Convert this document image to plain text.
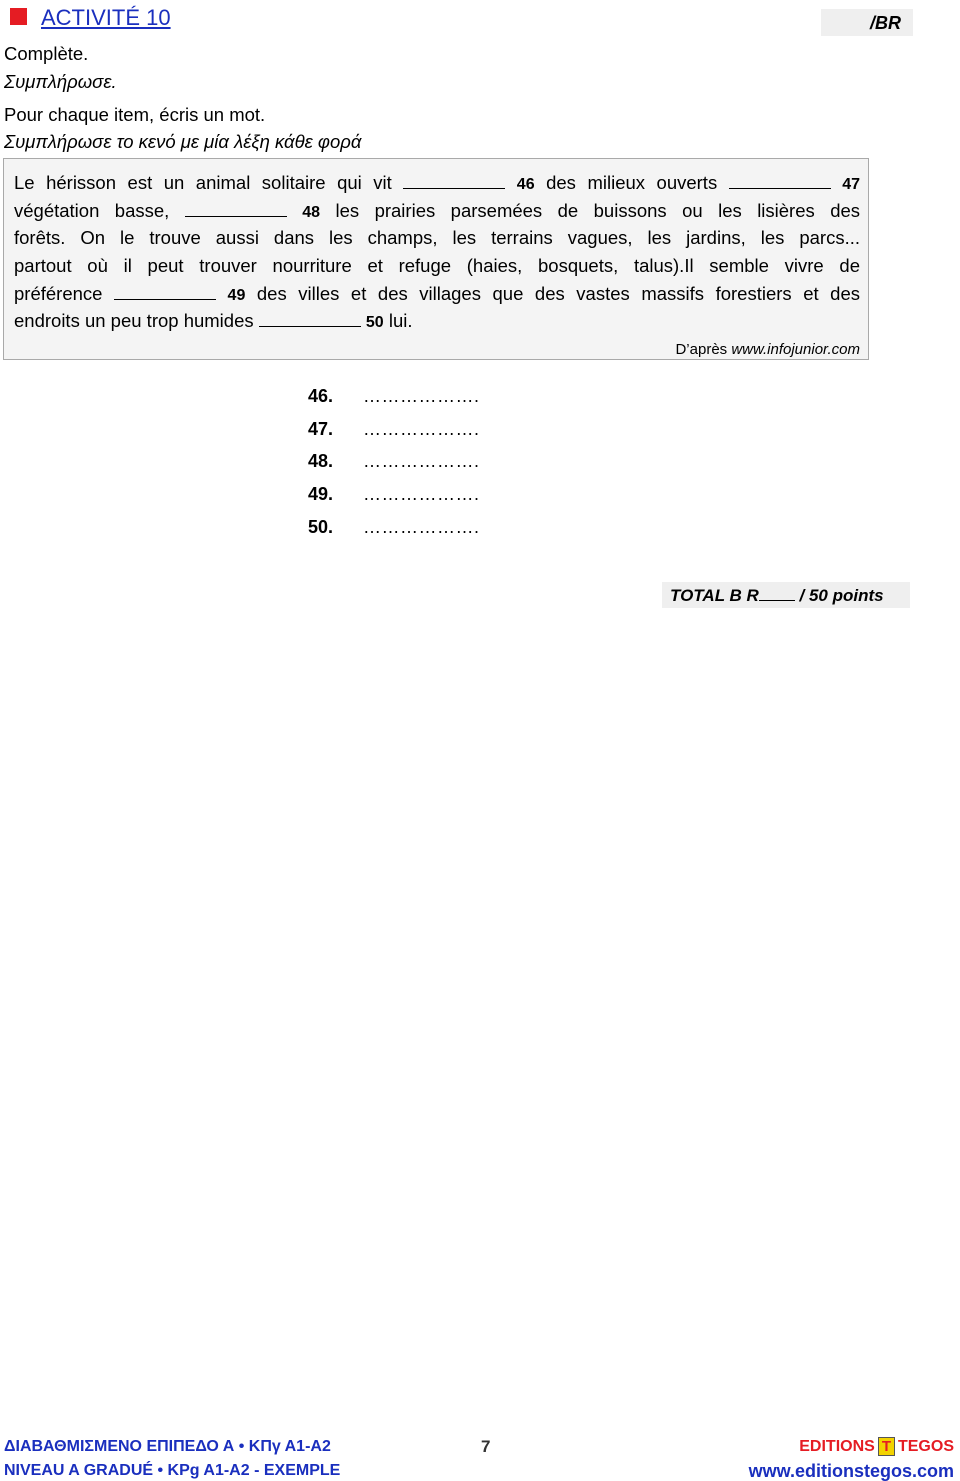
ACTIVITÉ 10	/BR
Complète.
Συμπλήρωσε.
Pour chaque item, écris un mot.
Συμπλήρωσε το κενό με μία λέξη κάθε φορά
Le hérisson est un animal solitaire qui vit	46 des milieux ouverts	47
végétation basse,	48 les prairies parsemées de buissons ou les lisières des
forêts. On le trouve aussi dans les champs, les terrains vagues, les jardins, les parcs...
partout où il peut trouver nourriture et refuge (haies, bosquets, talus).Il semble vivre de
préférence	49 des villes et des villages que des vastes massifs forestiers et des
endroits un peu trop humides	50 lui.
D’après www.infojunior.com
46. ……………….
47. ……………….
48. ……………….
49. ……………….
50. ……………….
TOTAL B R / 50 points
ΔΙΑΒΑΘΜΙΣΜΕΝΟ ΕΠΙΠΕΔΟ Α • ΚΠγ Α1-Α2
NIVEAU A GRADUÉ • KPg A1-A2 - EXEMPLE
7	EDITIONS T TEGOS
www.editionstegos.com
